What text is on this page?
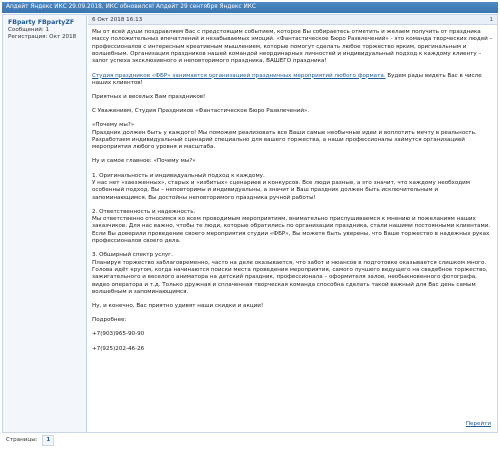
Апдейт Яндекс ИКС 29.09.2018, ИКС обновился! Апдейт 29 сентября Яндекс ИКС
FBparty FBpartyZF
Сообщений: 1
Регистрация: Окт 2018
6 Окт 2018 16:13	1

Мы от всей души поздравляем Вас с предстоящим событием, которое Вы собираетесь отметить и желаем получить от праздника массу положительных впечатлений и незабываемых эмоций. «Фантастическое Бюро Развлечений» - это команда творческих людей – профессионалов с интересным креативным мышлением, которые помогут сделать любое торжество ярким, оригинальным и волшебным. Организация праздников нашей командой неординарных личностей и индивидуальный подход к каждому клиенту – залог успеха эксклюзивного и неповторимого праздника, ВАШЕГО праздника!

Студия праздников «ФБР» занимается организацией праздничных мероприятий любого формата. Будем рады видеть Вас в числе наших клиентов!

Приятных и веселых Вам праздников!

С Уважением, Студия Праздников «Фантастическое Бюро Развлечений».

«Почему мы?»

Праздник должен быть у каждого! Мы поможем реализовать все Ваши самые необычные идеи и воплотить мечту в реальность. Разработаем индивидуальный сценарий специально для вашего торжества, а наши профессионалы займутся организацией мероприятия любого уровня и масштаба.

Ну и самое главное: «Почему мы?»

1. Оригинальность и индивидуальный подход к каждому.

У нас нет «заезженных», старых и «избитых» сценариев и конкурсов. Все люди разные, а это значит, что каждому необходим особенный подход. Вы – неповторимы и индивидуальны, а значит и Ваш праздник должен быть исключительным и запоминающимся. Вы достойны неповторимого праздника ручной работы!

2. Ответственность и надежность.

Мы ответственно относимся ко всем проводимым мероприятиям, внимательно прислушиваемся к мнению и пожеланиям наших заказчиков. Для нас важно, чтобы те люди, которые обратились по организации праздника, стали нашими постоянными клиентами. Если Вы доверили проведение своего мероприятия студии «ФБР», Вы можете быть уверены, что Ваше торжество в надежных руках профессионалов своего дела.

3. Обширный спектр услуг.

Планируя торжество заблаговременно, часто на деле оказывается, что забот и нюансов в подготовке оказывается слишком много. Голова идёт кругом, когда начинаются поиски места проведения мероприятия, самого лучшего ведущего на свадебное торжество, зажигательного и веселого аниматора на детский праздник, профессионала – оформителя залов, необыкновенного фотографа, видео оператора и т.д. Только дружная и сплаченная творческая команда способна сделать такой важный для Вас день самым волшебным и запоминающимся.

Ну, и конечно, Вас приятно удивят наши скидки и акции!

Подробнее:

+7(903)965-90-90

+7(925)202-46-26

Перейти
Страницы: 1
